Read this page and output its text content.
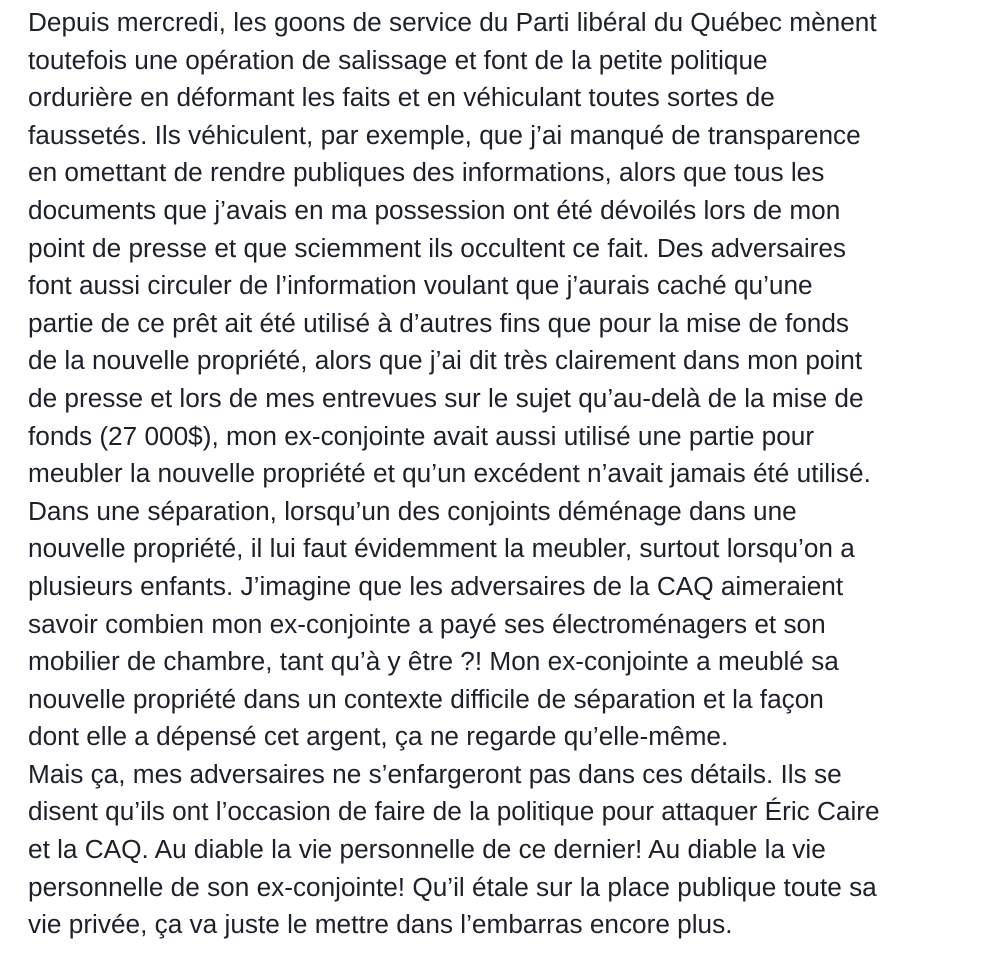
Depuis mercredi, les goons de service du Parti libéral du Québec mènent
toutefois une opération de salissage et font de la petite politique
ordurière en déformant les faits et en véhiculant toutes sortes de
faussetés. Ils véhiculent, par exemple, que j’ai manqué de transparence
en omettant de rendre publiques des informations, alors que tous les
documents que j’avais en ma possession ont été dévoilés lors de mon
point de presse et que sciemment ils occultent ce fait. Des adversaires
font aussi circuler de l’information voulant que j’aurais caché qu’une
partie de ce prêt ait été utilisé à d’autres fins que pour la mise de fonds
de la nouvelle propriété, alors que j’ai dit très clairement dans mon point
de presse et lors de mes entrevues sur le sujet qu’au-delà de la mise de
fonds (27 000$), mon ex-conjointe avait aussi utilisé une partie pour
meubler la nouvelle propriété et qu’un excédent n’avait jamais été utilisé.
Dans une séparation, lorsqu’un des conjoints déménage dans une
nouvelle propriété, il lui faut évidemment la meubler, surtout lorsqu’on a
plusieurs enfants. J’imagine que les adversaires de la CAQ aimeraient
savoir combien mon ex-conjointe a payé ses électroménagers et son
mobilier de chambre, tant qu’à y être ?! Mon ex-conjointe a meublé sa
nouvelle propriété dans un contexte difficile de séparation et la façon
dont elle a dépensé cet argent, ça ne regarde qu’elle-même.
Mais ça, mes adversaires ne s’enfargeront pas dans ces détails. Ils se
disent qu’ils ont l’occasion de faire de la politique pour attaquer Éric Caire
et la CAQ. Au diable la vie personnelle de ce dernier! Au diable la vie
personnelle de son ex-conjointe! Qu’il étale sur la place publique toute sa
vie privée, ça va juste le mettre dans l’embarras encore plus.
